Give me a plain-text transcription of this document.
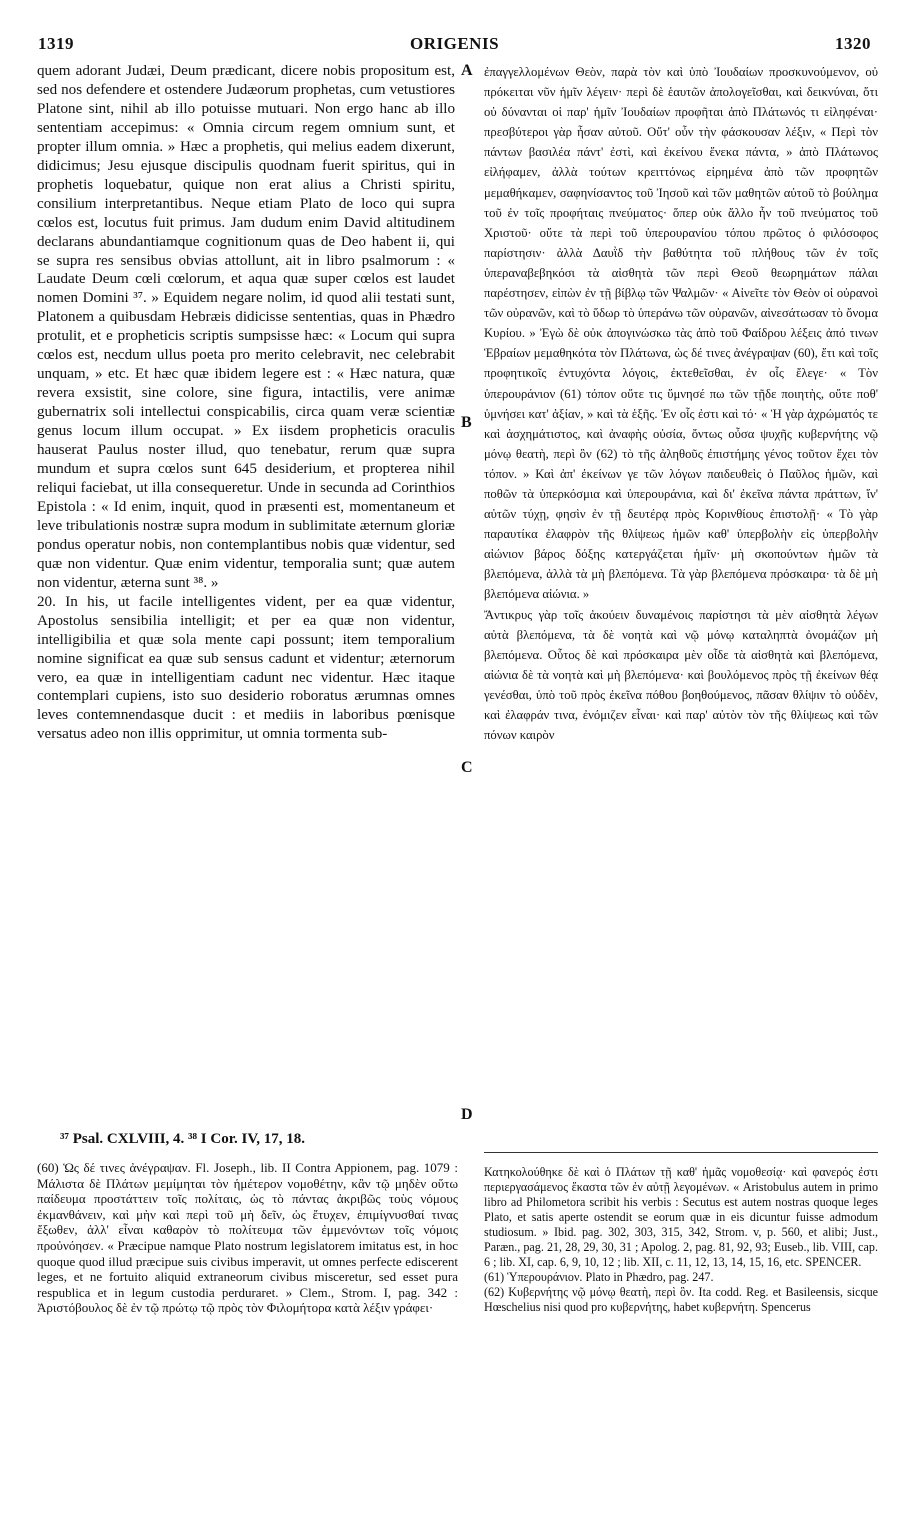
1319	ORIGENIS	1320
quem adorant Judæi, Deum prædicant, dicere nobis propositum est, sed nos defendere et ostendere Judæorum prophetas, cum vetustiores Platone sint, nihil ab illo potuisse mutuari. Non ergo hanc ab illo sententiam accepimus: « Omnia circum regem omnium sunt, et propter illum omnia. » Hæc a prophetis, qui melius eadem dixerunt, didicimus; Jesu ejusque discipulis quodnam fuerit spiritus, qui in prophetis loquebatur, quique non erat alius a Christi spiritu, consilium interpretantibus. Neque etiam Plato de loco qui supra cœlos est, locutus fuit primus. Jam dudum enim David altitudinem declarans abundantiamque cognitionum quas de Deo habent ii, qui se supra res sensibus obvias attollunt, ait in libro psalmorum : « Laudate Deum cœli cœlorum, et aqua quæ super cœlos est laudet nomen Domini ³⁷. » Equidem negare nolim, id quod alii testati sunt, Platonem a quibusdam Hebræis didicisse sententias, quas in Phædro protulit, et e propheticis scriptis sumpsisse hæc: « Locum qui supra cœlos est, necdum ullus poeta pro merito celebravit, nec celebrabit unquam, » etc. Et hæc quæ ibidem legere est : « Hæc natura, quæ revera exsistit, sine colore, sine figura, intactilis, vere animæ gubernatrix soli intellectui conspicabilis, circa quam veræ scientiæ genus locum illum occupat. » Ex iisdem propheticis oraculis hauserat Paulus noster illud, quo tenebatur, rerum quæ supra mundum et supra cœlos sunt 645 desiderium, et propterea nihil reliqui faciebat, ut illa consequeretur. Unde in secunda ad Corinthios Epistola : « Id enim, inquit, quod in præsenti est, momentaneum et leve tribulationis nostræ supra modum in sublimitate æternum gloriæ pondus operatur nobis, non contemplantibus nobis quæ videntur, sed quæ non videntur. Quæ enim videntur, temporalia sunt; quæ autem non videntur, æterna sunt ³⁸. »
20. In his, ut facile intelligentes vident, per ea quæ videntur, Apostolus sensibilia intelligit; et per ea quæ non videntur, intelligibilia et quæ sola mente capi possunt; item temporalium nomine significat ea quæ sub sensus cadunt et videntur; æternorum vero, ea quæ in intelligentiam cadunt nec videntur. Hæc itaque contemplari cupiens, isto suo desiderio roboratus ærumnas omnes leves contemnendasque ducit : et mediis in laboribus pœnisque versatus adeo non illis opprimitur, ut omnia tormenta sub-
A
B
C
D
ἐπαγγελλομένων Θεὸν, παρὰ τὸν καὶ ὑπὸ Ἰουδαίων προσκυνούμενον, οὐ πρόκειται νῦν ἡμῖν λέγειν· περὶ δὲ ἑαυτῶν ἀπολογεῖσθαι, καὶ δεικνύναι, ὅτι οὐ δύνανται οἱ παρ' ἡμῖν Ἰουδαίων προφῆται ἀπὸ Πλάτωνός τι εἰληφέναι· πρεσβύτεροι γὰρ ἦσαν αὐτοῦ. Οὔτ' οὖν τὴν φάσκουσαν λέξιν, « Περὶ τὸν πάντων βασιλέα πάντ' ἐστὶ, καὶ ἐκείνου ἕνεκα πάντα, » ἀπὸ Πλάτωνος εἰλήφαμεν, ἀλλὰ τούτων κρειττόνως εἰρημένα ἀπὸ τῶν προφητῶν μεμαθήκαμεν, σαφηνίσαντος τοῦ Ἰησοῦ καὶ τῶν μαθητῶν αὐτοῦ τὸ βούλημα τοῦ ἐν τοῖς προφήταις πνεύματος· ὅπερ οὐκ ἄλλο ἦν τοῦ πνεύματος τοῦ Χριστοῦ· οὔτε τὰ περὶ τοῦ ὑπερουρανίου τόπου πρῶτος ὁ φιλόσοφος παρίστησιν· ἀλλὰ Δαυῒδ τὴν βαθύτητα τοῦ πλήθους τῶν ἐν τοῖς ὑπεραναβεβηκόσι τὰ αἰσθητὰ τῶν περὶ Θεοῦ θεωρημάτων πάλαι παρέστησεν, εἰπὼν ἐν τῇ βίβλῳ τῶν Ψαλμῶν· « Αἰνεῖτε τὸν Θεὸν οἱ οὐρανοὶ τῶν οὐρανῶν, καὶ τὸ ὕδωρ τὸ ὑπεράνω τῶν οὐρανῶν, αἰνεσάτωσαν τὸ ὄνομα Κυρίου. » Ἐγὼ δὲ οὐκ ἀπογινώσκω τὰς ἀπὸ τοῦ Φαίδρου λέξεις ἀπό τινων Ἑβραίων μεμαθηκότα τὸν Πλάτωνα, ὡς δέ τινες ἀνέγραψαν (60), ἔτι καὶ τοῖς προφητικοῖς ἐντυχόντα λόγοις, ἐκτεθεῖσθαι, ἐν οἷς ἔλεγε· « Τὸν ὑπερουράνιον (61) τόπον οὔτε τις ὕμνησέ πω τῶν τῇδε ποιητὴς, οὔτε ποθ' ὑμνήσει κατ' ἀξίαν, » καὶ τὰ ἑξῆς. Ἐν οἷς ἐστι καὶ τό· « Ἡ γὰρ ἀχρώματός τε καὶ ἀσχημάτιστος, καὶ ἀναφὴς οὐσία, ὄντως οὖσα ψυχῆς κυβερνήτης νῷ μόνῳ θεατὴ, περὶ ὃν (62) τὸ τῆς ἀληθοῦς ἐπιστήμης γένος τοῦτον ἔχει τὸν τόπον. » Καὶ ἀπ' ἐκείνων γε τῶν λόγων παιδευθεὶς ὁ Παῦλος ἡμῶν, καὶ ποθῶν τὰ ὑπερκόσμια καὶ ὑπερουράνια, καὶ δι' ἐκεῖνα πάντα πράττων, ἵν' αὐτῶν τύχῃ, φησὶν ἐν τῇ δευτέρᾳ πρὸς Κορινθίους ἐπιστολῇ· « Τὸ γὰρ παραυτίκα ἐλαφρὸν τῆς θλίψεως ἡμῶν καθ' ὑπερβολὴν εἰς ὑπερβολὴν αἰώνιον βάρος δόξης κατεργάζεται ἡμῖν· μὴ σκοπούντων ἡμῶν τὰ βλεπόμενα, ἀλλὰ τὰ μὴ βλεπόμενα. Τὰ γὰρ βλεπόμενα πρόσκαιρα· τὰ δὲ μὴ βλεπόμενα αἰώνια. »
Ἄντικρυς γὰρ τοῖς ἀκούειν δυναμένοις παρίστησι τὰ μὲν αἰσθητὰ λέγων αὐτὰ βλεπόμενα, τὰ δὲ νοητὰ καὶ νῷ μόνῳ καταληπτὰ ὀνομάζων μὴ βλεπόμενα. Οὗτος δὲ καὶ πρόσκαιρα μὲν οἶδε τὰ αἰσθητὰ καὶ βλεπόμενα, αἰώνια δὲ τὰ νοητὰ καὶ μὴ βλεπόμενα· καὶ βουλόμενος πρὸς τῇ ἐκείνων θέᾳ γενέσθαι, ὑπὸ τοῦ πρὸς ἐκεῖνα πόθου βοηθούμενος, πᾶσαν θλίψιν τὸ οὐδὲν, καὶ ἐλαφράν τινα, ἐνόμιζεν εἶναι· καὶ παρ' αὐτὸν τὸν τῆς θλίψεως καὶ τῶν πόνων καιρὸν
³⁷ Psal. CXLVIII, 4. ³⁸ I Cor. IV, 17, 18.
(60) Ὡς δέ τινες ἀνέγραψαν. Fl. Joseph., lib. II Contra Appionem, pag. 1079 : Μάλιστα δὲ Πλάτων μεμίμηται τὸν ἡμέτερον νομοθέτην, κἂν τῷ μηδὲν οὕτω παίδευμα προστάττειν τοῖς πολίταις, ὡς τὸ πάντας ἀκριβῶς τοὺς νόμους ἐκμανθάνειν, καὶ μὴν καὶ περὶ τοῦ μὴ δεῖν, ὡς ἔτυχεν, ἐπιμίγνυσθαί τινας ἔξωθεν, ἀλλ' εἶναι καθαρὸν τὸ πολίτευμα τῶν ἐμμενόντων τοῖς νόμοις προὐνόησεν. « Præcipue namque Plato nostrum legislatorem imitatus est, in hoc quoque quod illud præcipue suis civibus imperavit, ut omnes perfecte ediscerent leges, et ne fortuito aliquid extraneorum civibus misceretur, sed esset pura respublica et in legum custodia perduraret. » Clem., Strom. I, pag. 342 : Ἀριστόβουλος δὲ ἐν τῷ πρώτῳ τῷ πρὸς τὸν Φιλομήτορα κατὰ λέξιν γράφει·
Κατηκολούθηκε δὲ καὶ ὁ Πλάτων τῇ καθ' ἡμᾶς νομοθεσίᾳ· καὶ φανερός ἐστι περιεργασάμενος ἕκαστα τῶν ἐν αὐτῇ λεγομένων. « Aristobulus autem in primo libro ad Philometora scribit his verbis : Secutus est autem nostras quoque leges Plato, et satis aperte ostendit se eorum quæ in eis dicuntur fuisse admodum studiosum. » Ibid. pag. 302, 303, 315, 342, Strom. v, p. 560, et alibi; Just., Paræn., pag. 21, 28, 29, 30, 31 ; Apolog. 2, pag. 81, 92, 93; Euseb., lib. VIII, cap. 6 ; lib. XI, cap. 6, 9, 10, 12 ; lib. XII, c. 11, 12, 13, 14, 15, 16, etc. SPENCER.
(61) Ὑπερουράνιον. Plato in Phædro, pag. 247.
(62) Κυβερνήτης νῷ μόνῳ θεατὴ, περὶ ὃν. Ita codd. Reg. et Basileensis, sicque Hœschelius nisi quod pro κυβερνήτης, habet κυβερνήτη. Spencerus
